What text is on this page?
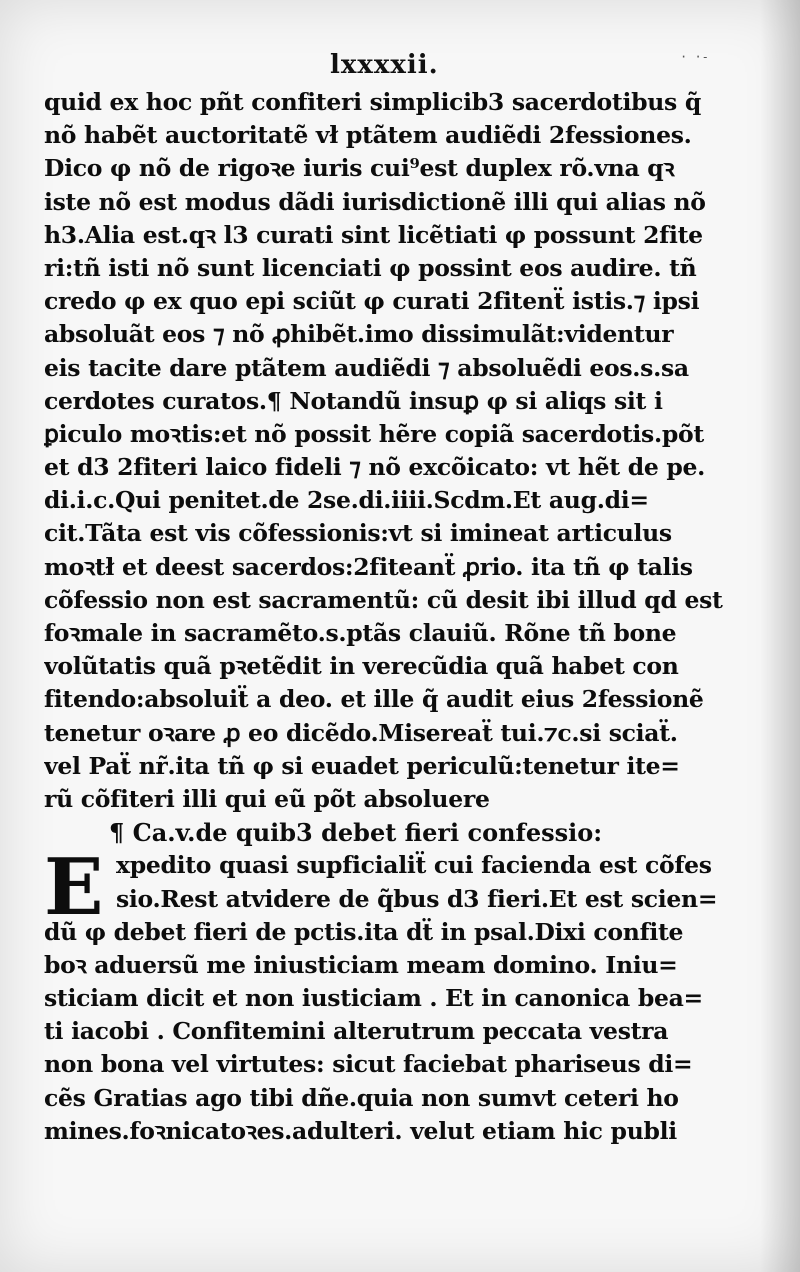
lxxxxii.	· ·-
quid ex hoc pñt confiteri simplicib3 sacerdotibus q̃
nõ habẽt auctoritatẽ vł ptãtem audiẽdi 2fessiones.
Dico φ nõ de rigoꝛe iuris cui⁹est duplex rõ.vna qꝛ
iste nõ est modus dãdi iurisdictionẽ illi qui alias nõ
h3.Alia est.qꝛ l3 curati sint licẽtiati φ possunt 2fite
ri:tñ isti nõ sunt licenciati φ possint eos audire. tñ
credo φ ex quo epi sciũt φ curati 2fitenẗ istis.⁊ ipsi
absoluãt eos ⁊ nõ ꝓhibẽt.imo dissimulãt:videntur
eis tacite dare ptãtem audiẽdi ⁊ absoluẽdi eos.s.sa
cerdotes curatos.¶ Notandũ insuꝑ φ si aliqs sit i
ꝑiculo moꝛtis:et nõ possit hẽre copiã sacerdotis.põt
et d3 2fiteri laico fideli ⁊ nõ excõicato: vt hẽt de pe.
di.i.c.Qui penitet.de 2se.di.iiii.Scdm.Et aug.di=
cit.Tãta est vis cõfessionis:vt si imineat articulus
moꝛtł et deest sacerdos:2fiteanẗ ꝓrio. ita tñ φ talis
cõfessio non est sacramentũ: cũ desit ibi illud qd est
foꝛmale in sacramẽto.s.ptãs clauiũ. Rõne tñ bone
volũtatis quã pꝛetẽdit in verecũdia quã habet con
fitendo:absoluiẗ a deo. et ille q̃ audit eius 2fessionẽ
tenetur oꝛare ꝓ eo dicẽdo.Misereaẗ tui.⁊c.si sciaẗ.
vel Paẗ nr̃.ita tñ φ si euadet periculũ:tenetur ite=
rũ cõfiteri illi qui eũ põt absoluere
¶ Ca.v.de quib3 debet fieri confessio:
E xpedito quasi supficialiẗ cui facienda est cõfes
sio.Rest atvidere de q̃bus d3 fieri.Et est scien=
dũ φ debet fieri de pctis.ita dẗ in psal.Dixi confite
boꝛ aduersũ me iniusticiam meam domino. Iniu=
sticiam dicit et non iusticiam . Et in canonica bea=
ti iacobi . Confitemini alterutrum peccata vestra
non bona vel virtutes: sicut faciebat phariseus di=
cẽs Gratias ago tibi dñe.quia non sumvt ceteri ho
mines.foꝛnicatoꝛes.adulteri. velut etiam hic publi
